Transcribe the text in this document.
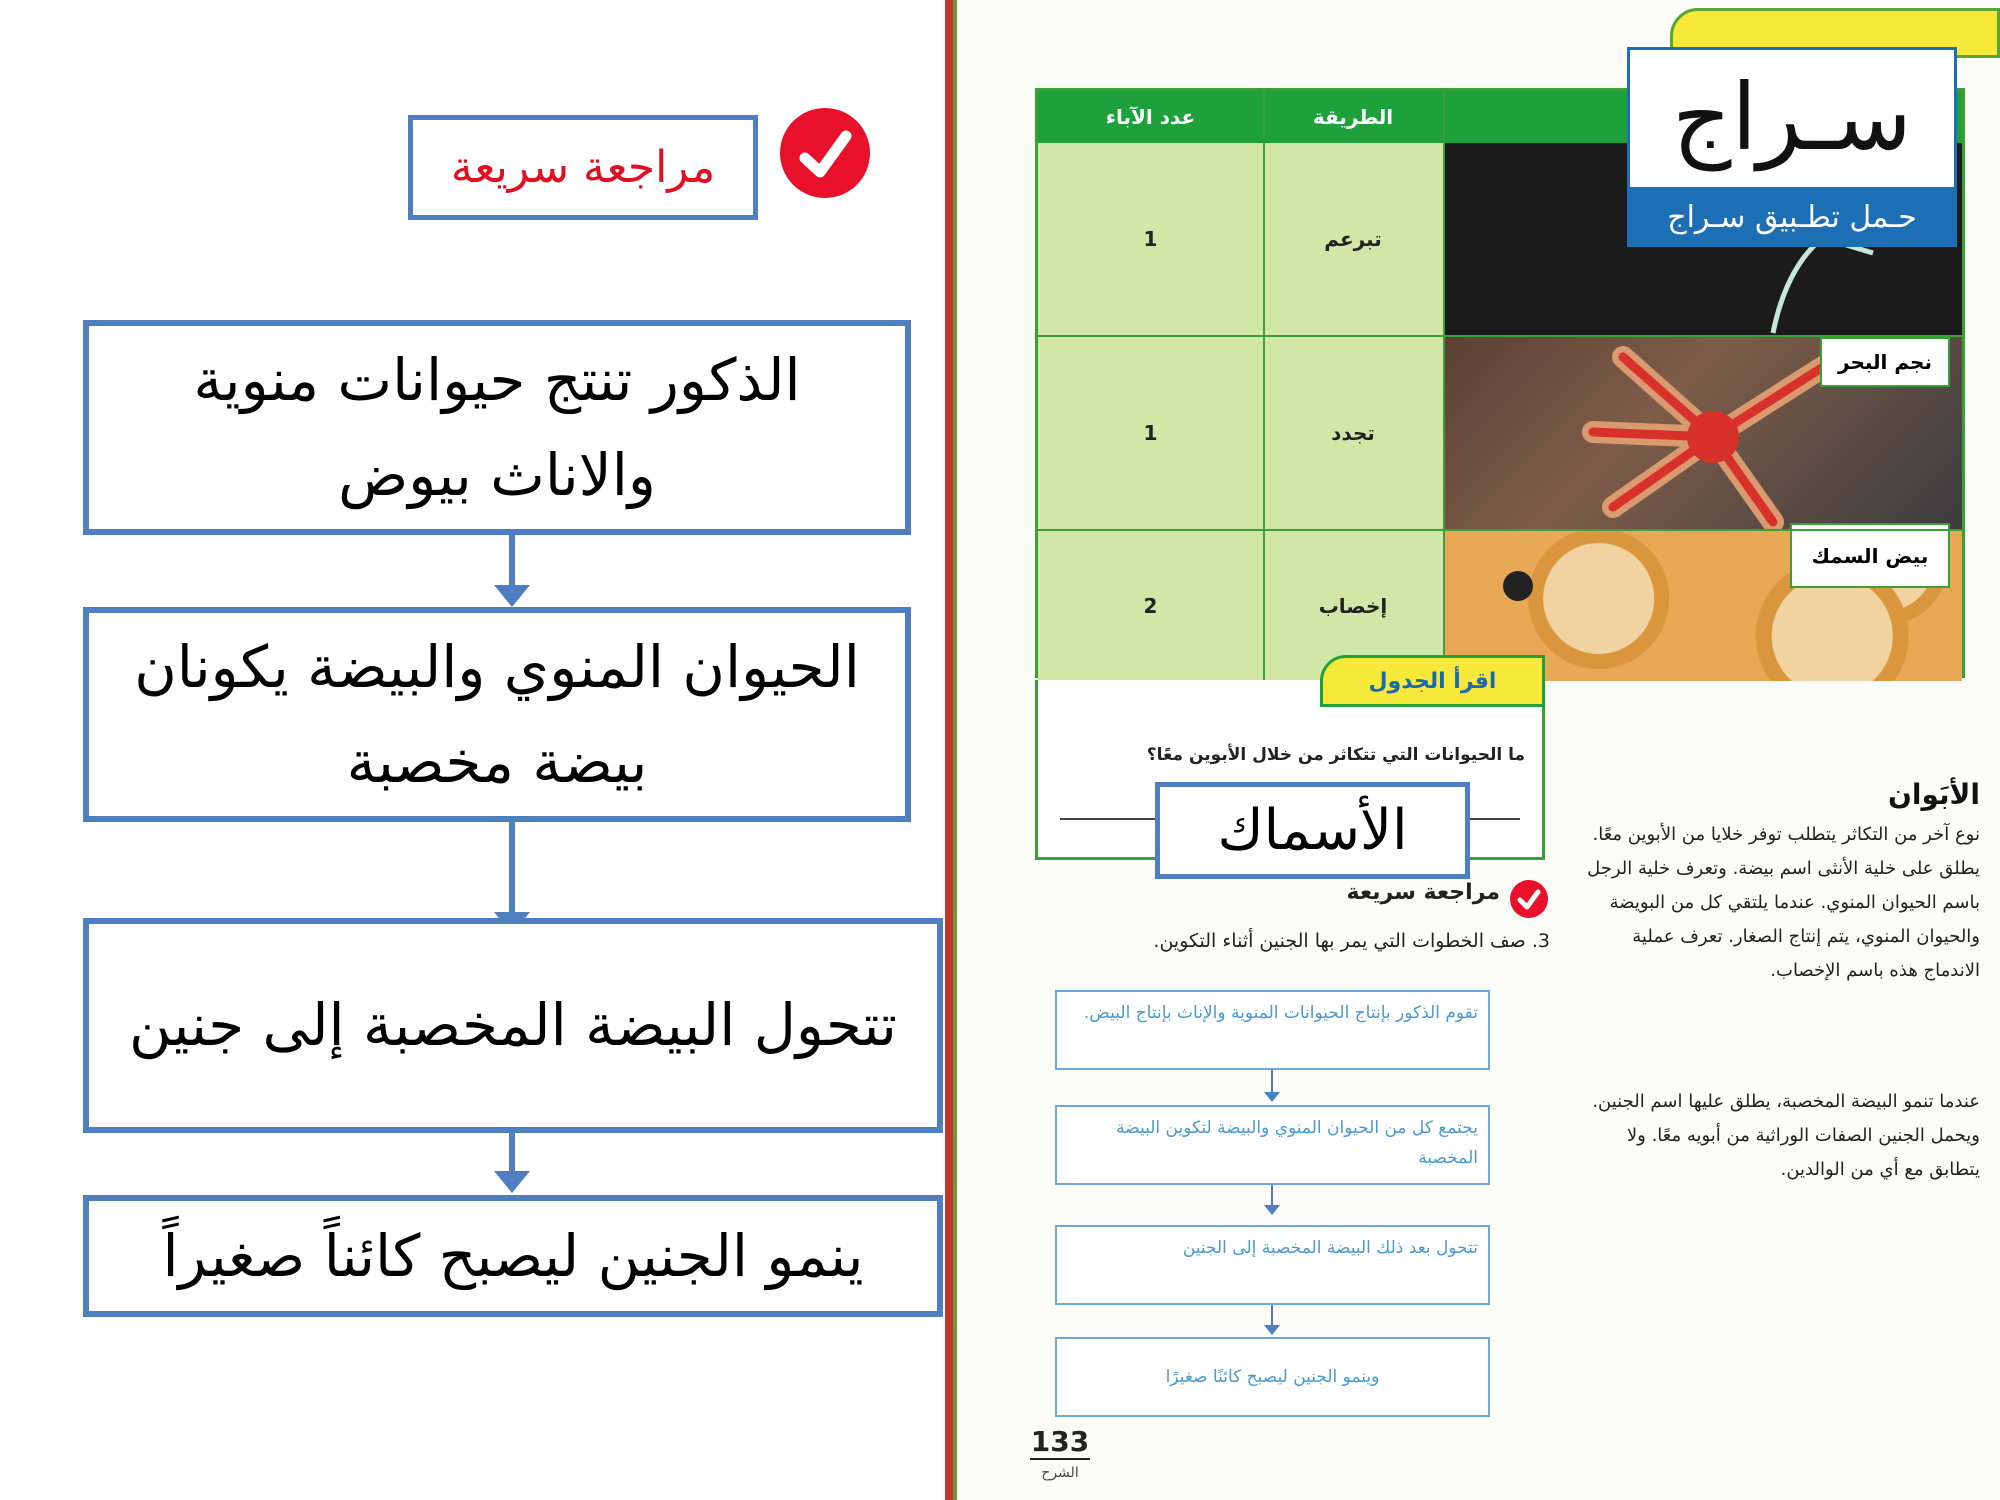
مراجعة سريعة
الذكور تنتج حيوانات منوية والاناث بيوض
الحيوان المنوي والبيضة يكونان بيضة مخصبة
تتحول البيضة المخصبة إلى جنين
ينمو الجنين ليصبح كائناً صغيراً
عدد الآباء	الطريقة
1	تبرعم
1	تجدد
نجم البحر
2	إخصاب
بيض السمك
سـراج
حـمل تطـبيق سـراج
اقرأ الجدول
ما الحيوانات التي تتكاثر من خلال الأبوين معًا؟
الأسماك
مراجعة سريعة
3. صف الخطوات التي يمر بها الجنين أثناء التكوين.
تقوم الذكور بإنتاج الحيوانات المنوية والإناث بإنتاج البيض.
يجتمع كل من الحيوان المنوي والبيضة لتكوين البيضة المخصبة
تتحول بعد ذلك البيضة المخصبة إلى الجنين
وينمو الجنين ليصبح كائنًا صغيرًا
الأبَوان
نوع آخر من التكاثر يتطلب توفر خلايا من الأبوين معًا. يطلق على خلية الأنثى اسم بيضة. وتعرف خلية الرجل باسم الحيوان المنوي. عندما يلتقي كل من البويضة والحيوان المنوي، يتم إنتاج الصغار. تعرف عملية الاندماج هذه باسم الإخصاب.
عندما تنمو البيضة المخصبة، يطلق عليها اسم الجنين. ويحمل الجنين الصفات الوراثية من أبويه معًا. ولا يتطابق مع أي من الوالدين.
133
الشرح
